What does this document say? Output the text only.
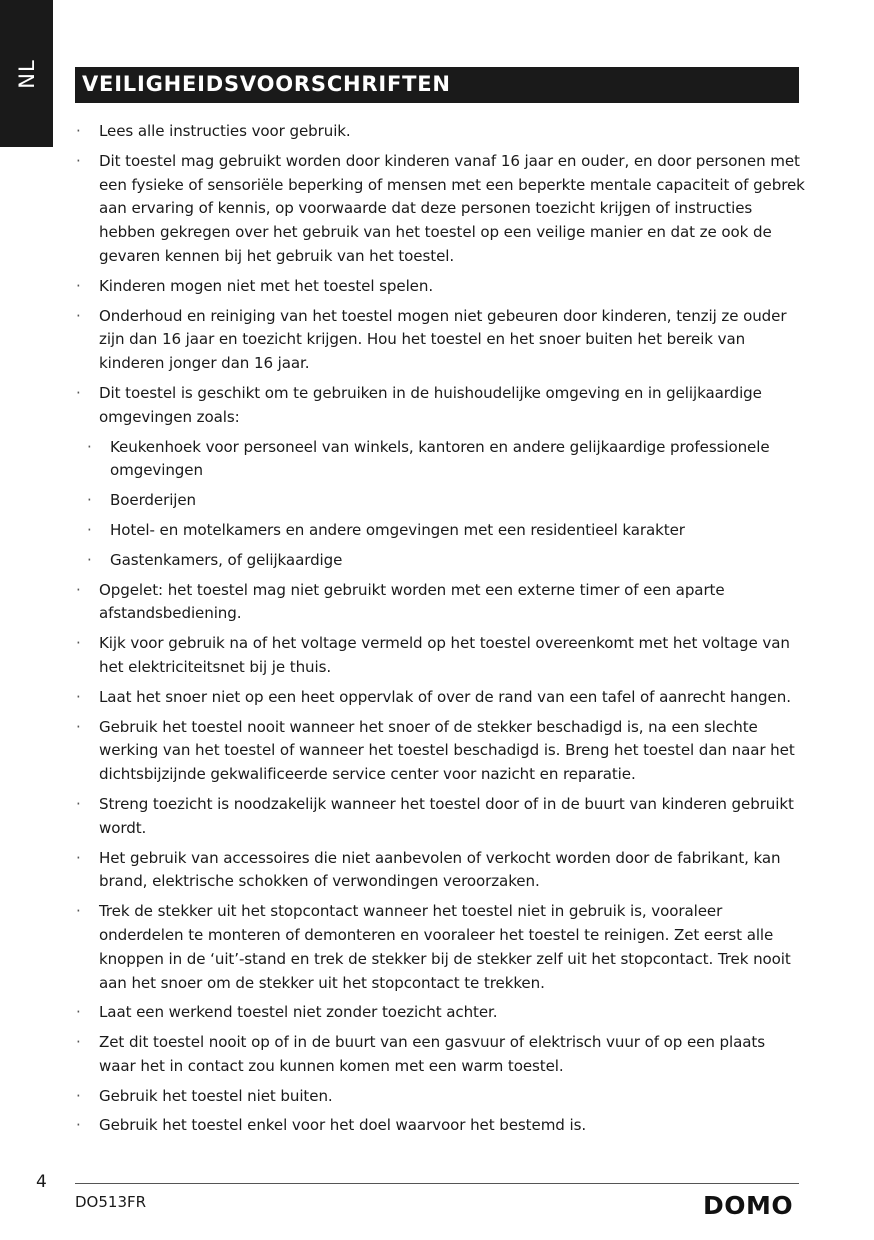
NL VEILIGHEIDSVOORSCHRIFTEN
· Lees alle instructies voor gebruik.
· Dit toestel mag gebruikt worden door kinderen vanaf 16 jaar en ouder, en door personen met een fysieke of sensoriële beperking of mensen met een beperkte mentale capaciteit of gebrek aan ervaring of kennis, op voorwaarde dat deze personen toezicht krijgen of instructies hebben gekregen over het gebruik van het toestel op een veilige manier en dat ze ook de gevaren kennen bij het gebruik van het toestel.
· Kinderen mogen niet met het toestel spelen.
· Onderhoud en reiniging van het toestel mogen niet gebeuren door kinderen, tenzij ze ouder zijn dan 16 jaar en toezicht krijgen. Hou het toestel en het snoer buiten het bereik van kinderen jonger dan 16 jaar.
· Dit toestel is geschikt om te gebruiken in de huishoudelijke omgeving en in gelijkaardige omgevingen zoals:
· Keukenhoek voor personeel van winkels, kantoren en andere gelijkaardige professionele omgevingen
· Boerderijen
· Hotel- en motelkamers en andere omgevingen met een residentieel karakter
· Gastenkamers, of gelijkaardige
· Opgelet: het toestel mag niet gebruikt worden met een externe timer of een aparte afstandsbediening.
· Kijk voor gebruik na of het voltage vermeld op het toestel overeenkomt met het voltage van het elektriciteitsnet bij je thuis.
· Laat het snoer niet op een heet oppervlak of over de rand van een tafel of aanrecht hangen.
· Gebruik het toestel nooit wanneer het snoer of de stekker beschadigd is, na een slechte werking van het toestel of wanneer het toestel beschadigd is. Breng het toestel dan naar het dichtsbijzijnde gekwalificeerde service center voor nazicht en reparatie.
· Streng toezicht is noodzakelijk wanneer het toestel door of in de buurt van kinderen gebruikt wordt.
· Het gebruik van accessoires die niet aanbevolen of verkocht worden door de fabrikant, kan brand, elektrische schokken of verwondingen veroorzaken.
· Trek de stekker uit het stopcontact wanneer het toestel niet in gebruik is, vooraleer onderdelen te monteren of demonteren en vooraleer het toestel te reinigen. Zet eerst alle knoppen in de ‘uit’-stand en trek de stekker bij de stekker zelf uit het stopcontact. Trek nooit aan het snoer om de stekker uit het stopcontact te trekken.
· Laat een werkend toestel niet zonder toezicht achter.
· Zet dit toestel nooit op of in de buurt van een gasvuur of elektrisch vuur of op een plaats waar het in contact zou kunnen komen met een warm toestel.
· Gebruik het toestel niet buiten.
· Gebruik het toestel enkel voor het doel waarvoor het bestemd is.
4
DO513FR	DOMO
